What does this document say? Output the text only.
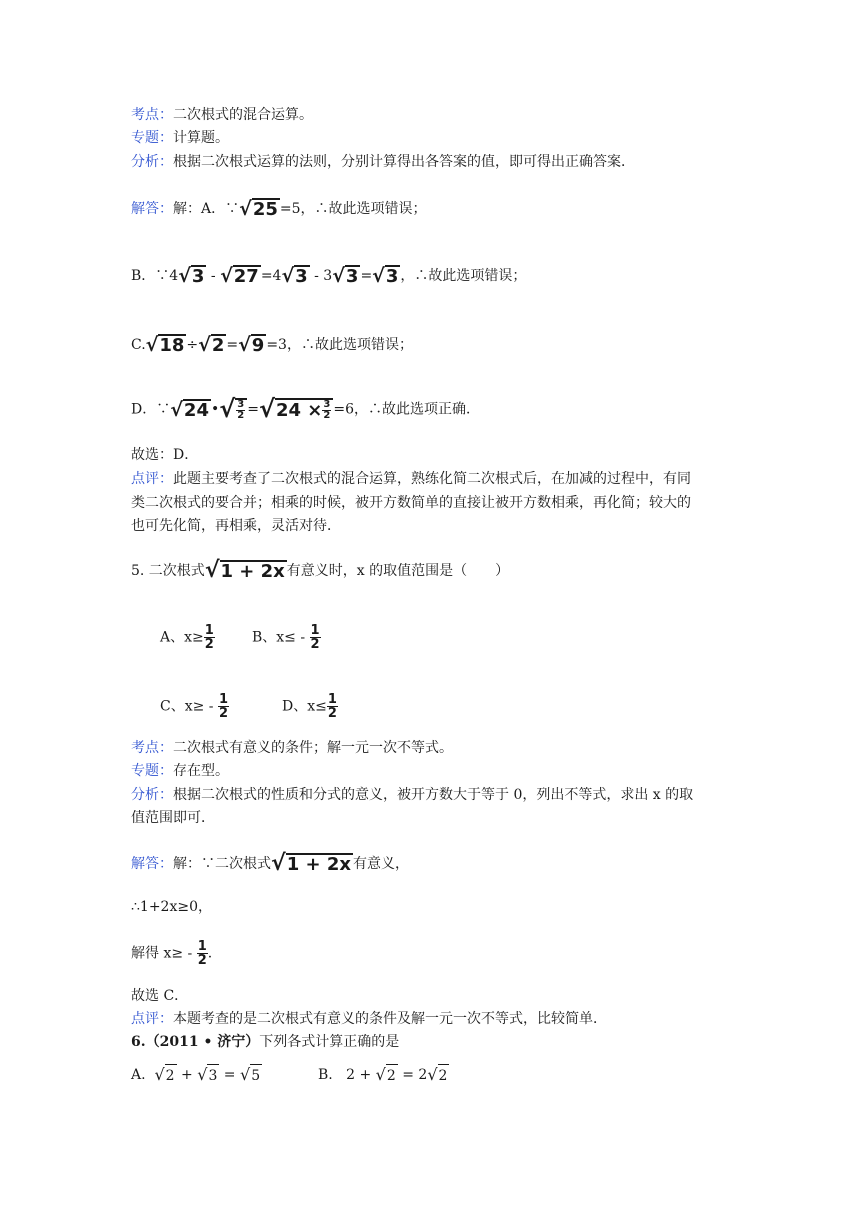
考点：二次根式的混合运算。
专题：计算题。
分析：根据二次根式运算的法则，分别计算得出各答案的值，即可得出正确答案．
解答：解：A．∵ √ 25 =5，∴故此选项错误；
B．∵4 √ 3 - √ 27 =4 √ 3 - 3 √ 3 = √ 3 ，∴故此选项错误；
C. √ 18 ÷ √ 2 = √ 9 =3，∴故此选项错误；
D．∵ √ 24 • √ $\frac{3}{2}$ = √ $24 \times \frac{3}{2} =6$，∴故此选项正确．
故选：D．
点评：此题主要考查了二次根式的混合运算，熟练化简二次根式后，在加减的过程中，有同
类二次根式的要合并；相乘的时候，被开方数简单的直接让被开方数相乘，再化简；较大的
也可先化简，再相乘，灵活对待．
5. 二次根式 √ 1 + 2x 有意义时，x 的取值范围是（　　）
A、$x\ge \frac{1}{2}$	B、$x\le - \frac{1}{2}$
C、$x\ge - \frac{1}{2}$	D、$x\le \frac{1}{2}$
考点：二次根式有意义的条件；解一元一次不等式。
专题：存在型。
分析：根据二次根式的性质和分式的意义，被开方数大于等于 0，列出不等式，求出 x 的取
值范围即可．
解答：解：∵二次根式 √ 1 + 2x 有意义，
∴1+2x≥0，
解得 $x\ge - \frac{1}{2}$ .
故选 C．
点评：本题考查的是二次根式有意义的条件及解一元一次不等式，比较简单．
6.（2011 • 济宁）下列各式计算正确的是
A. √ 2 + √ 3 = √ 5	B. 2 + √ 2 = 2 √ 2
